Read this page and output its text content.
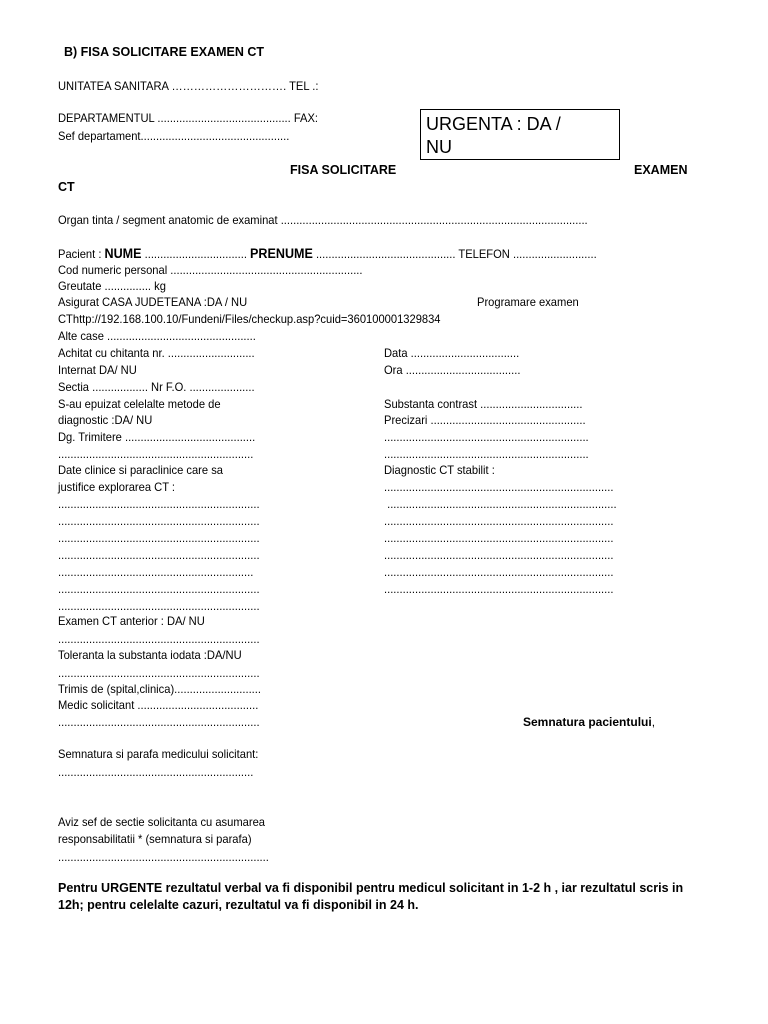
B) FISA SOLICITARE EXAMEN CT
UNITATEA SANITARA …………………………. TEL .:
DEPARTAMENTUL ........................................... FAX:
Sef departament................................................
URGENTA : DA /
NU
FISA SOLICITARE	EXAMEN
CT
Organ tinta / segment anatomic de examinat ...................................................................................................
Pacient : NUME ................................. PRENUME ............................................. TELEFON ...........................
Cod numeric personal ..............................................................
Greutate ............... kg
Asigurat CASA JUDETEANA :DA / NU	Programare examen
CThttp://192.168.100.10/Fundeni/Files/checkup.asp?cuid=360100001329834
Alte case ................................................
Achitat cu chitanta nr. ............................
Internat DA/ NU
Sectia .................. Nr F.O. .....................
S-au epuizat celelalte metode de
diagnostic :DA/ NU
Dg. Trimitere ..........................................
...............................................................
Date clinice si paraclinice care sa
justifice explorarea CT :
.................................................................
.................................................................
.................................................................
.................................................................
...............................................................
.................................................................
.................................................................
Examen CT anterior : DA/ NU
.................................................................
Toleranta la substanta iodata :DA/NU
.................................................................
Trimis de (spital,clinica)............................
Medic solicitant .......................................
.................................................................
Semnatura si parafa medicului solicitant:
...............................................................
Aviz sef de sectie solicitanta cu asumarea
responsabilitatii * (semnatura si parafa)
....................................................................
Data ...................................
Ora .....................................
Substanta contrast .................................
Precizari ..................................................
..................................................................
..................................................................
Diagnostic CT stabilit :
..........................................................................
..........................................................................
..........................................................................
..........................................................................
..........................................................................
..........................................................................
..........................................................................
Semnatura pacientului,
Pentru URGENTE rezultatul verbal va fi disponibil pentru medicul solicitant in 1-2 h , iar rezultatul scris in 12h; pentru celelalte cazuri, rezultatul va fi disponibil in 24 h.
